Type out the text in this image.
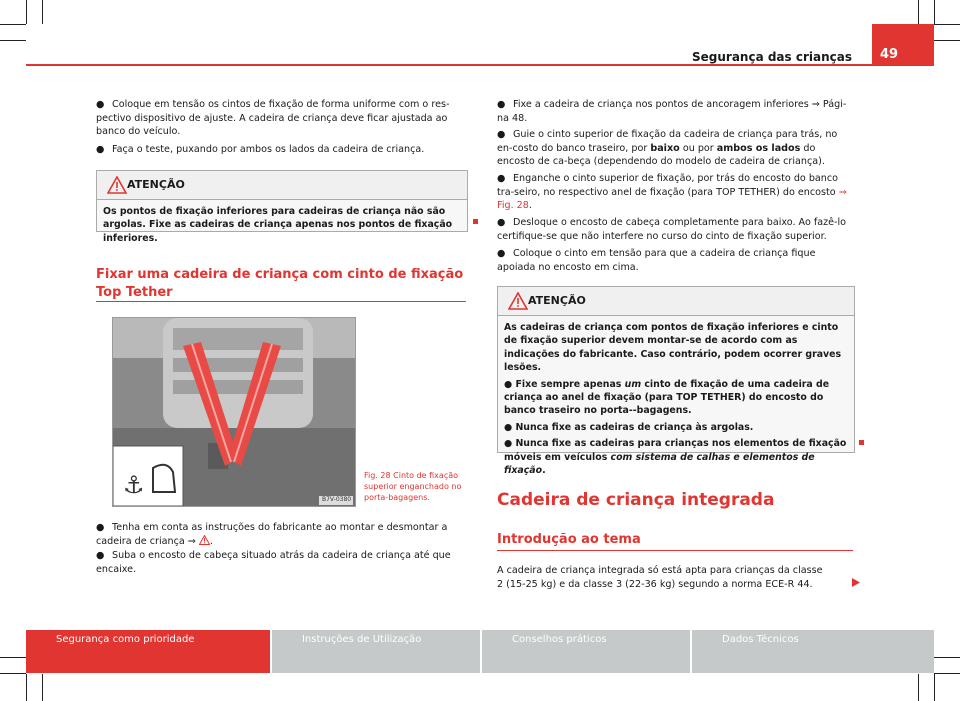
Segurança das crianças	49
● Coloque em tensão os cintos de fixação de forma uniforme com o res-pectivo dispositivo de ajuste. A cadeira de criança deve ficar ajustada ao banco do veículo.
● Faça o teste, puxando por ambos os lados da cadeira de criança.
ATENÇÃO
Os pontos de fixação inferiores para cadeiras de criança não são argolas. Fixe as cadeiras de criança apenas nos pontos de fixação inferiores.
Fixar uma cadeira de criança com cinto de fixação Top Tether
⚓
B7V-0380
Fig. 28 Cinto de fixação superior enganchado no porta-bagagens.
● Tenha em conta as instruções do fabricante ao montar e desmontar a cadeira de criança ⇒ .
● Suba o encosto de cabeça situado atrás da cadeira de criança até que encaixe.
● Fixe a cadeira de criança nos pontos de ancoragem inferiores ⇒ Pági-na 48.
● Guie o cinto superior de fixação da cadeira de criança para trás, no en-costo do banco traseiro, por baixo ou por ambos os lados do encosto de ca-beça (dependendo do modelo de cadeira de criança).
● Enganche o cinto superior de fixação, por trás do encosto do banco tra-seiro, no respectivo anel de fixação (para TOP TETHER) do encosto ⇒ Fig. 28.
● Desloque o encosto de cabeça completamente para baixo. Ao fazê-lo certifique-se que não interfere no curso do cinto de fixação superior.
● Coloque o cinto em tensão para que a cadeira de criança fique apoiada no encosto em cima.
ATENÇÃO
As cadeiras de criança com pontos de fixação inferiores e cinto de fixação superior devem montar-se de acordo com as indicações do fabricante. Caso contrário, podem ocorrer graves lesões.
● Fixe sempre apenas um cinto de fixação de uma cadeira de criança ao anel de fixação (para TOP TETHER) do encosto do banco traseiro no porta--bagagens.
● Nunca fixe as cadeiras de criança às argolas.
● Nunca fixe as cadeiras para crianças nos elementos de fixação móveis em veículos com sistema de calhas e elementos de fixação.
Cadeira de criança integrada
Introdução ao tema
A cadeira de criança integrada só está apta para crianças da classe 2 (15-25 kg) e da classe 3 (22-36 kg) segundo a norma ECE-R 44.
Segurança como prioridade	Instruções de Utilização	Conselhos práticos	Dados Técnicos
